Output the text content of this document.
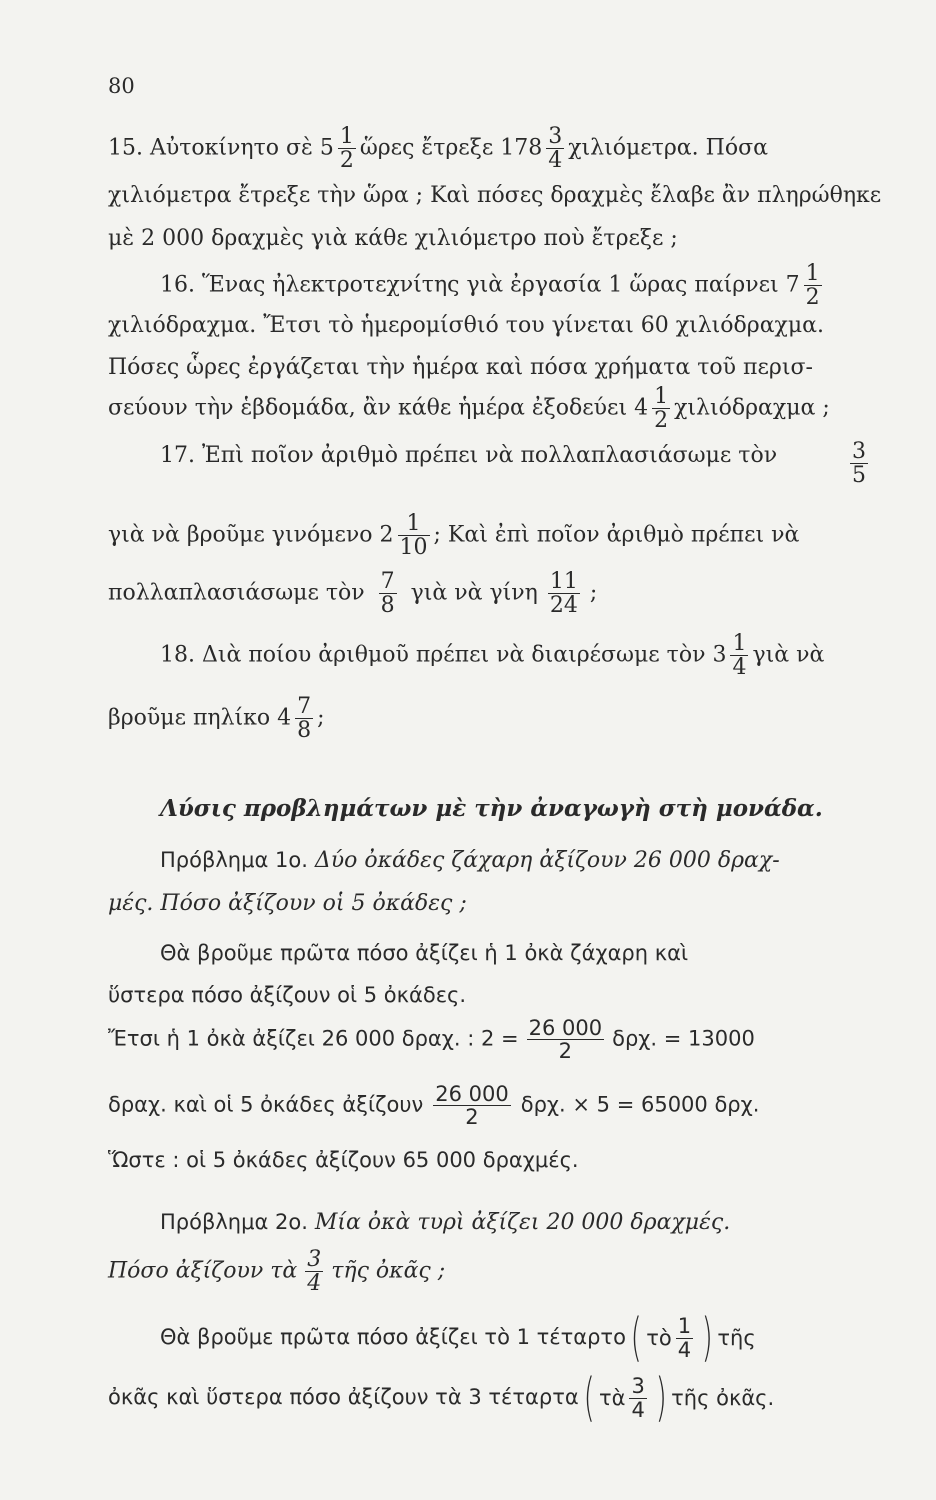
80
15. Αὐτοκίνητο σὲ $5 \frac{1}{2}$ ὥρες ἔτρεξε $178 \frac{3}{4} \chi\iota\lambda\iota ό\mu\varepsilon\tau\rho\alpha$. Πόσα
χιλιόμετρα ἔτρεξε τὴν ὥρα ; Καὶ πόσες δραχμὲς ἔλαβε ἂν πληρώθηκε
μὲ 2 000 δραχμὲς γιὰ κάθε χιλιόμετρο ποὺ ἔτρεξε ;
16. Ἕνας ἠλεκτροτεχνίτης γιὰ ἐργασία 1 ὥρας παίρνει $7 \frac{1}{2}$
χιλιόδραχμα. Ἔτσι τὸ ἡμερομίσθιό του γίνεται 60 χιλιόδραχμα.
Πόσες ὧρες ἐργάζεται τὴν ἡμέρα καὶ πόσα χρήματα τοῦ περισ-
σεύουν τὴν ἑβδομάδα, ἂν κάθε ἡμέρα ἐξοδεύει $4 \frac{1}{2}$ χιλιόδραχμα ;
17. Ἐπὶ ποῖον ἀριθμὸ πρέπει νὰ πολλαπλασιάσωμε τὸν	$\frac{3}{5}$
γιὰ νὰ βροῦμε γινόμενο $2 \frac{1}{10}$ ; Καὶ ἐπὶ ποῖον ἀριθμὸ πρέπει νὰ
πολλαπλασιάσωμε τὸν $\frac{7}{8}$ γιὰ νὰ γίνη $\frac{11}{24}$ ;
18. Διὰ ποίου ἀριθμοῦ πρέπει νὰ διαιρέσωμε τὸν $3 \frac{1}{4}$ γιὰ νὰ
βροῦμε πηλίκο $4 \frac{7}{8}$ ;
Λύσις προβλημάτων μὲ τὴν ἀναγωγὴ στὴ μονάδα.
Πρόβλημα 1ο. Δύο ὀκάδες ζάχαρη ἀξίζουν 26 000 δραχ-
μές. Πόσο ἀξίζουν οἱ 5 ὀκάδες ;
Θὰ βροῦμε πρῶτα πόσο ἀξίζει ἡ 1 ὀκὰ ζάχαρη καὶ
ὕστερα πόσο ἀξίζουν οἱ 5 ὀκάδες.
Ἔτσι ἡ 1 ὀκὰ ἀξίζει 26 000 δραχ. : $2 = \frac{26 000}{2} \delta\rho\chi$. = 13000
δραχ. καὶ οἱ 5 ὀκάδες ἀξίζουν $\frac{26 000}{2} \delta\rho\chi$. × 5 = 65000 δρχ.
Ὥστε : οἱ 5 ὀκάδες ἀξίζουν 65 000 δραχμές.
Πρόβλημα 2ο. Μία ὀκὰ τυρὶ ἀξίζει 20 000 δραχμές.
Πόσο ἀξίζουν τὰ $\frac{3}{4}$ τῆς ὀκᾶς ;
Θὰ βροῦμε πρῶτα πόσο ἀξίζει τὸ 1 τέταρτο( τὸ $\frac{1}{4}$ ) τῆς
ὀκᾶς καὶ ὕστερα πόσο ἀξίζουν τὰ 3 τέταρτα( τὰ $\frac{3}{4}$ ) τῆς ὀκᾶς.
